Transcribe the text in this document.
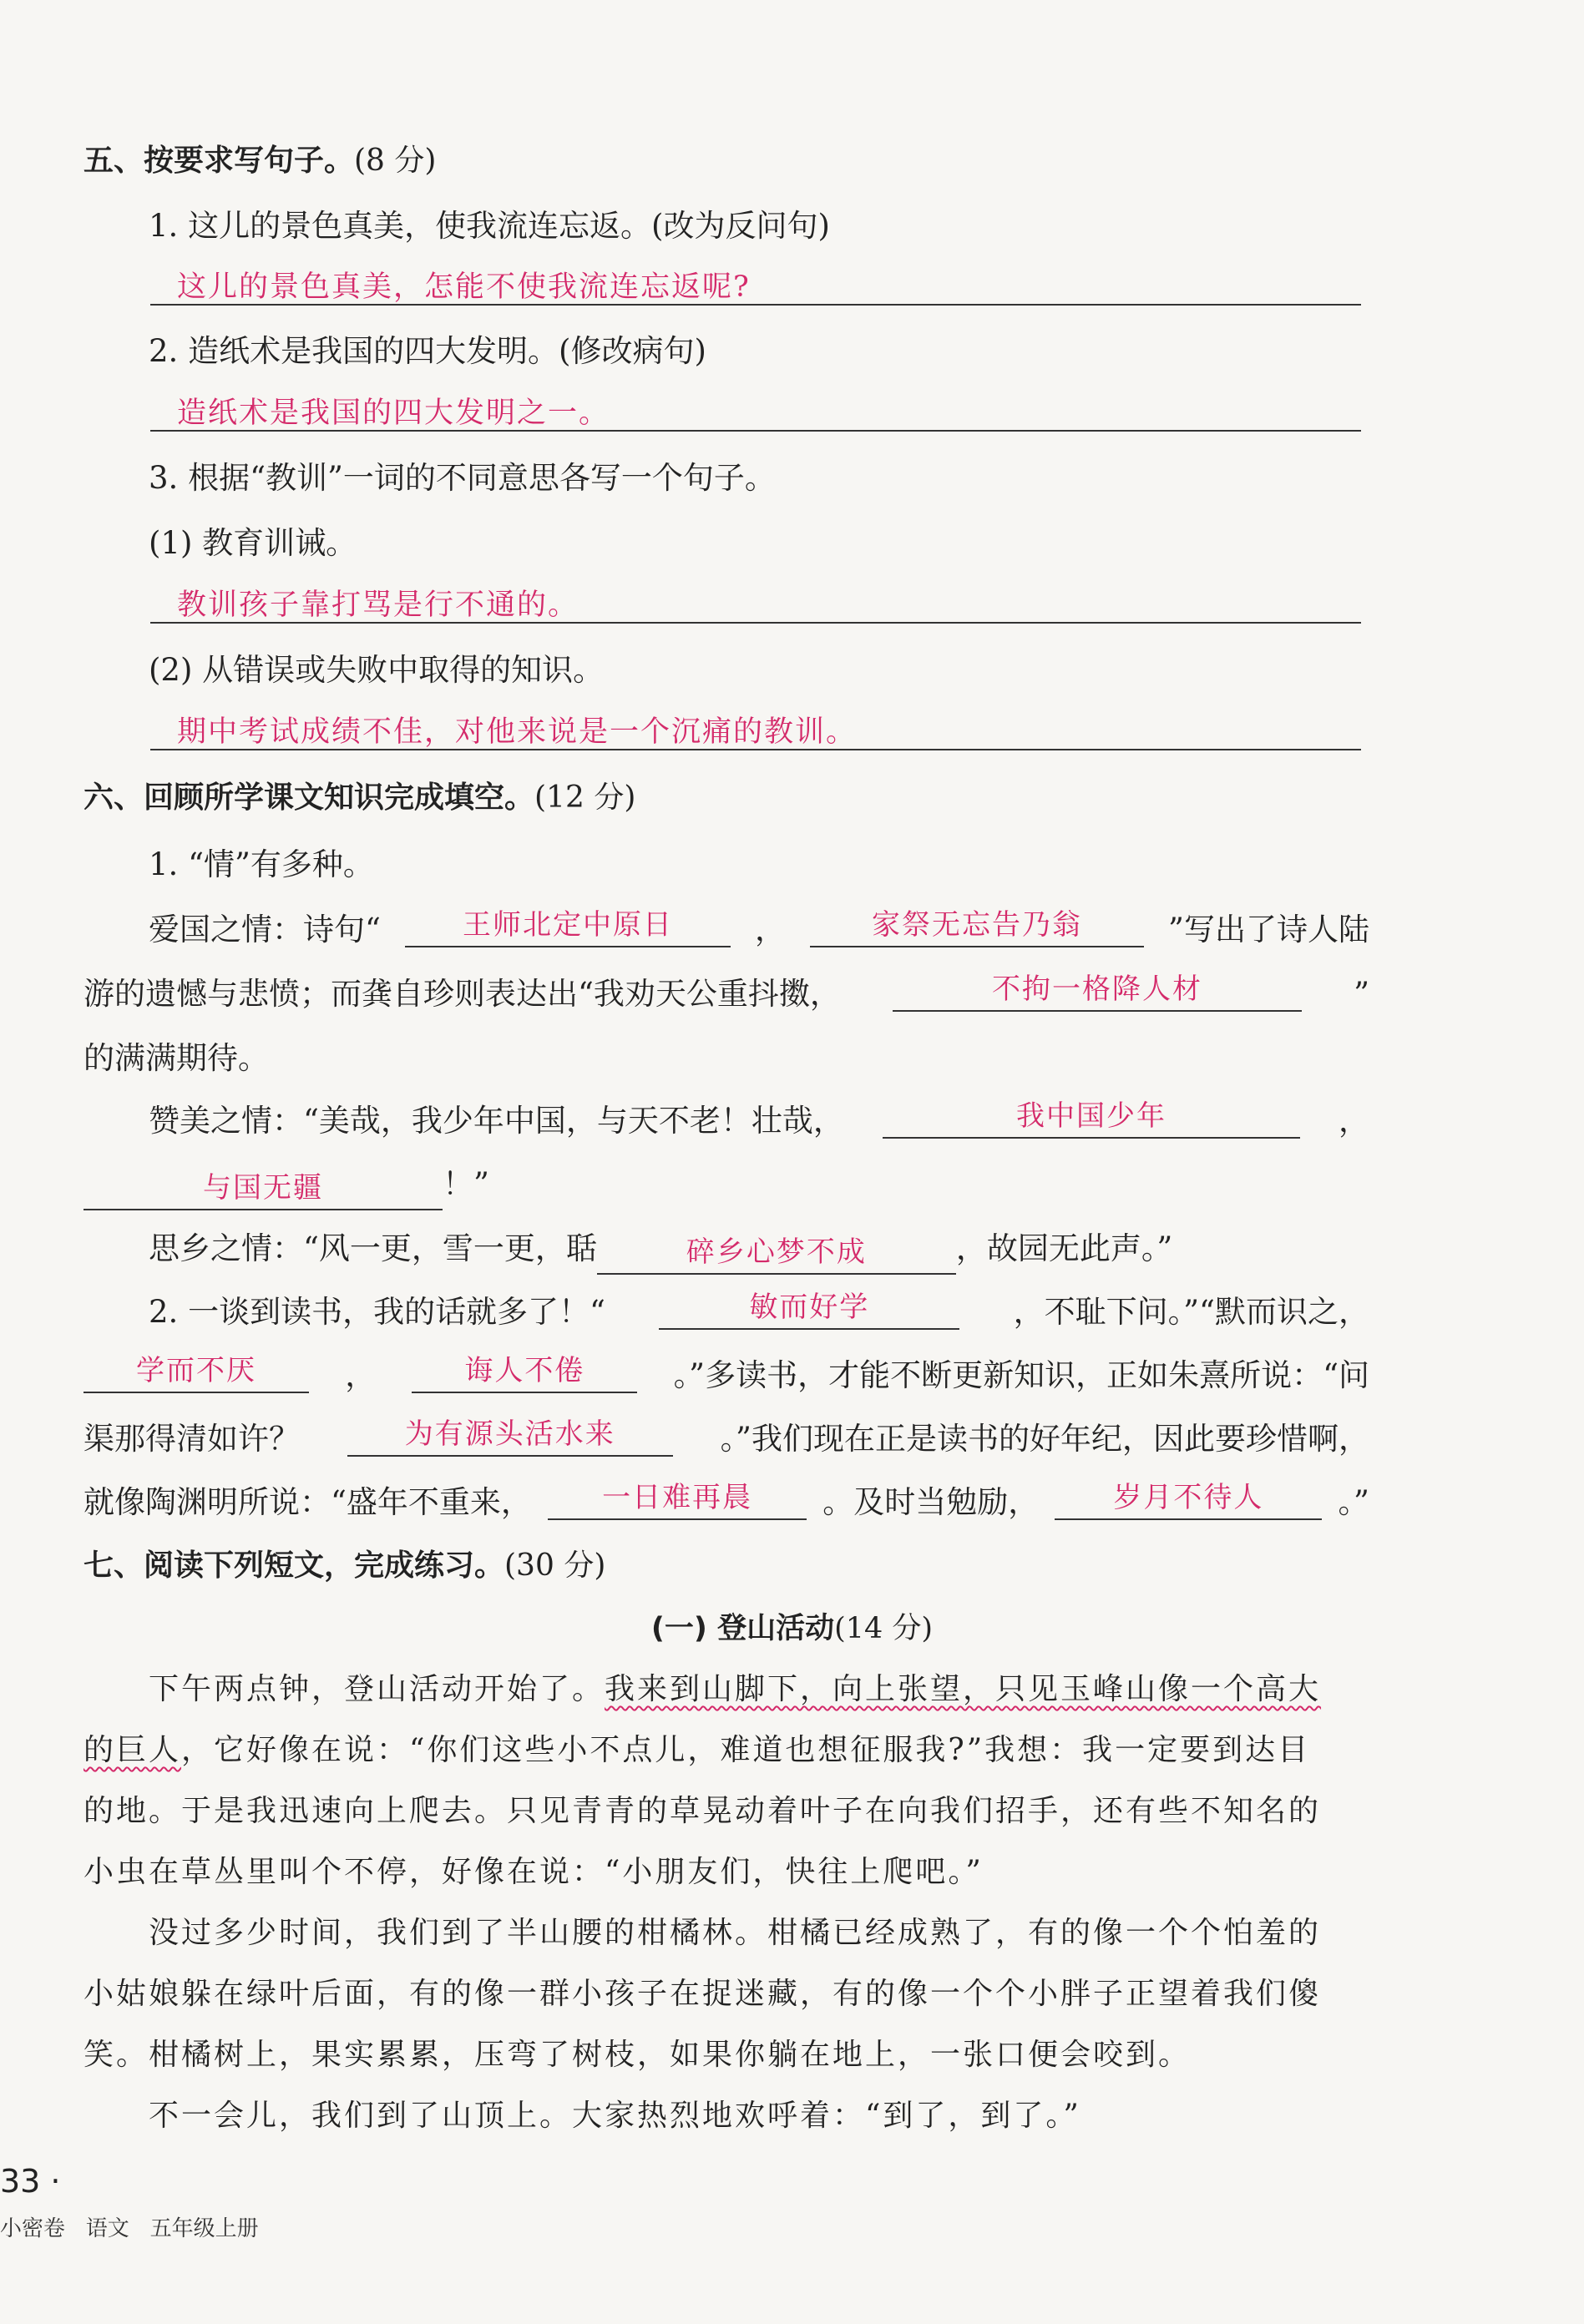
五、按要求写句子。(8 分)
1. 这儿的景色真美，使我流连忘返。(改为反问句)
这儿的景色真美，怎能不使我流连忘返呢?
2. 造纸术是我国的四大发明。(修改病句)
造纸术是我国的四大发明之一。
3. 根据“教训”一词的不同意思各写一个句子。
(1) 教育训诫。
教训孩子靠打骂是行不通的。
(2) 从错误或失败中取得的知识。
期中考试成绩不佳，对他来说是一个沉痛的教训。
六、回顾所学课文知识完成填空。(12 分)
1. “情”有多种。
爱国之情：诗句“	王师北定中原日	，	家祭无忘告乃翁	”写出了诗人陆
游的遗憾与悲愤；而龚自珍则表达出“我劝天公重抖擞，	不拘一格降人材	”
的满满期待。
赞美之情：“美哉，我少年中国，与天不老！壮哉，	我中国少年	，
与国无疆	！”
思乡之情：“风一更，雪一更，聒	碎乡心梦不成	，故园无此声。”
2. 一谈到读书，我的话就多了！“	敏而好学	，不耻下问。”“默而识之，
学而不厌	，	诲人不倦	。”多读书，才能不断更新知识，正如朱熹所说：“问
渠那得清如许？	为有源头活水来	。”我们现在正是读书的好年纪，因此要珍惜啊，
就像陶渊明所说：“盛年不重来，	一日难再晨	。及时当勉励，	岁月不待人	。”
七、阅读下列短文，完成练习。(30 分)
(一) 登山活动(14 分)
下午两点钟，登山活动开始了。我来到山脚下，向上张望，只见玉峰山像一个高大
的巨人，它好像在说：“你们这些小不点儿，难道也想征服我?”我想：我一定要到达目
的地。于是我迅速向上爬去。只见青青的草晃动着叶子在向我们招手，还有些不知名的
小虫在草丛里叫个不停，好像在说：“小朋友们，快往上爬吧。”
没过多少时间，我们到了半山腰的柑橘林。柑橘已经成熟了，有的像一个个怕羞的
小姑娘躲在绿叶后面，有的像一群小孩子在捉迷藏，有的像一个个小胖子正望着我们傻
笑。柑橘树上，果实累累，压弯了树枝，如果你躺在地上，一张口便会咬到。
不一会儿，我们到了山顶上。大家热烈地欢呼着：“到了，到了。”
33 ·
小密卷   语文   五年级上册
